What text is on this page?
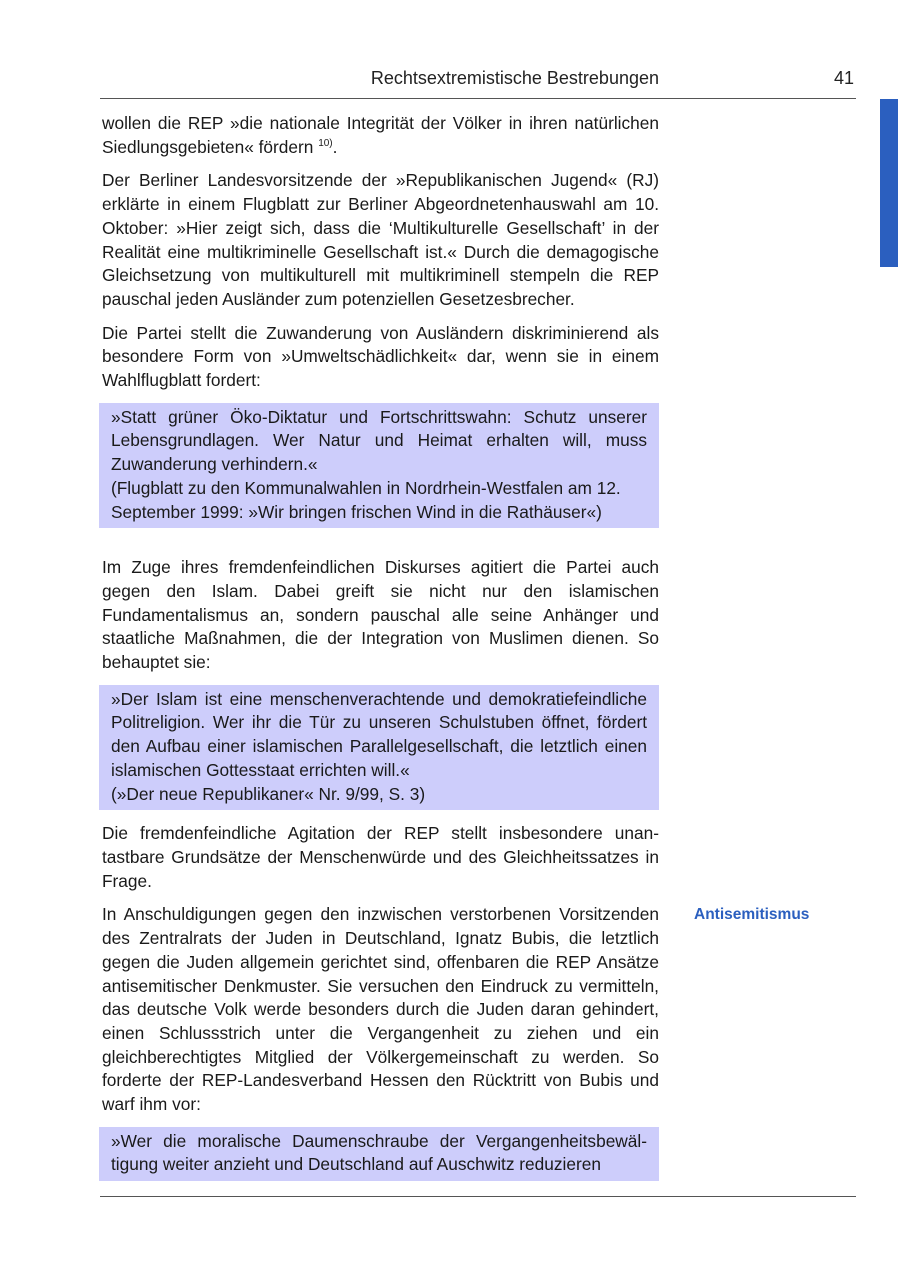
Rechtsextremistische Bestrebungen	41

wollen die REP »die nationale Integrität der Völker in ihren natürlichen Siedlungsgebieten« fördern $^{10)}$.

Der Berliner Landesvorsitzende der »Republikanischen Jugend« (RJ) erklärte in einem Flugblatt zur Berliner Abgeordnetenhauswahl am 10. Oktober: »Hier zeigt sich, dass die ‘Multikulturelle Gesellschaft’ in der Realität eine multikriminelle Gesellschaft ist.« Durch die demagogische Gleichsetzung von multikulturell mit multikriminell stempeln die REP pauschal jeden Ausländer zum potenziellen Gesetzesbrecher.

Die Partei stellt die Zuwanderung von Ausländern diskriminierend als besondere Form von »Umweltschädlichkeit« dar, wenn sie in einem Wahlflugblatt fordert:

»Statt grüner Öko-Diktatur und Fortschrittswahn: Schutz unserer Lebensgrundlagen. Wer Natur und Heimat erhalten will, muss Zuwanderung verhindern.«
(Flugblatt zu den Kommunalwahlen in Nordrhein-Westfalen am 12. September 1999: »Wir bringen frischen Wind in die Rathäuser«)

Im Zuge ihres fremdenfeindlichen Diskurses agitiert die Partei auch gegen den Islam. Dabei greift sie nicht nur den islamischen Fundamentalismus an, sondern pauschal alle seine Anhänger und staatliche Maßnahmen, die der Integration von Muslimen dienen. So behauptet sie:

»Der Islam ist eine menschenverachtende und demokratiefeindliche Politreligion. Wer ihr die Tür zu unseren Schulstuben öffnet, fördert den Aufbau einer islamischen Parallelgesellschaft, die letztlich einen islamischen Gottesstaat errichten will.«
(»Der neue Republikaner« Nr. 9/99, S. 3)

Die fremdenfeindliche Agitation der REP stellt insbesondere unantastbare Grundsätze der Menschenwürde und des Gleichheitssatzes in Frage.

In Anschuldigungen gegen den inzwischen verstorbenen Vorsitzenden des Zentralrats der Juden in Deutschland, Ignatz Bubis, die letztlich gegen die Juden allgemein gerichtet sind, offenbaren die REP Ansätze antisemitischer Denkmuster. Sie versuchen den Eindruck zu vermitteln, das deutsche Volk werde besonders durch die Juden daran gehindert, einen Schlussstrich unter die Vergangenheit zu ziehen und ein gleichberechtigtes Mitglied der Völkergemeinschaft zu werden. So forderte der REP-Landesverband Hessen den Rücktritt von Bubis und warf ihm vor:

»Wer die moralische Daumenschraube der Vergangenheitsbewältigung weiter anzieht und Deutschland auf Auschwitz reduzieren
Antisemitismus
